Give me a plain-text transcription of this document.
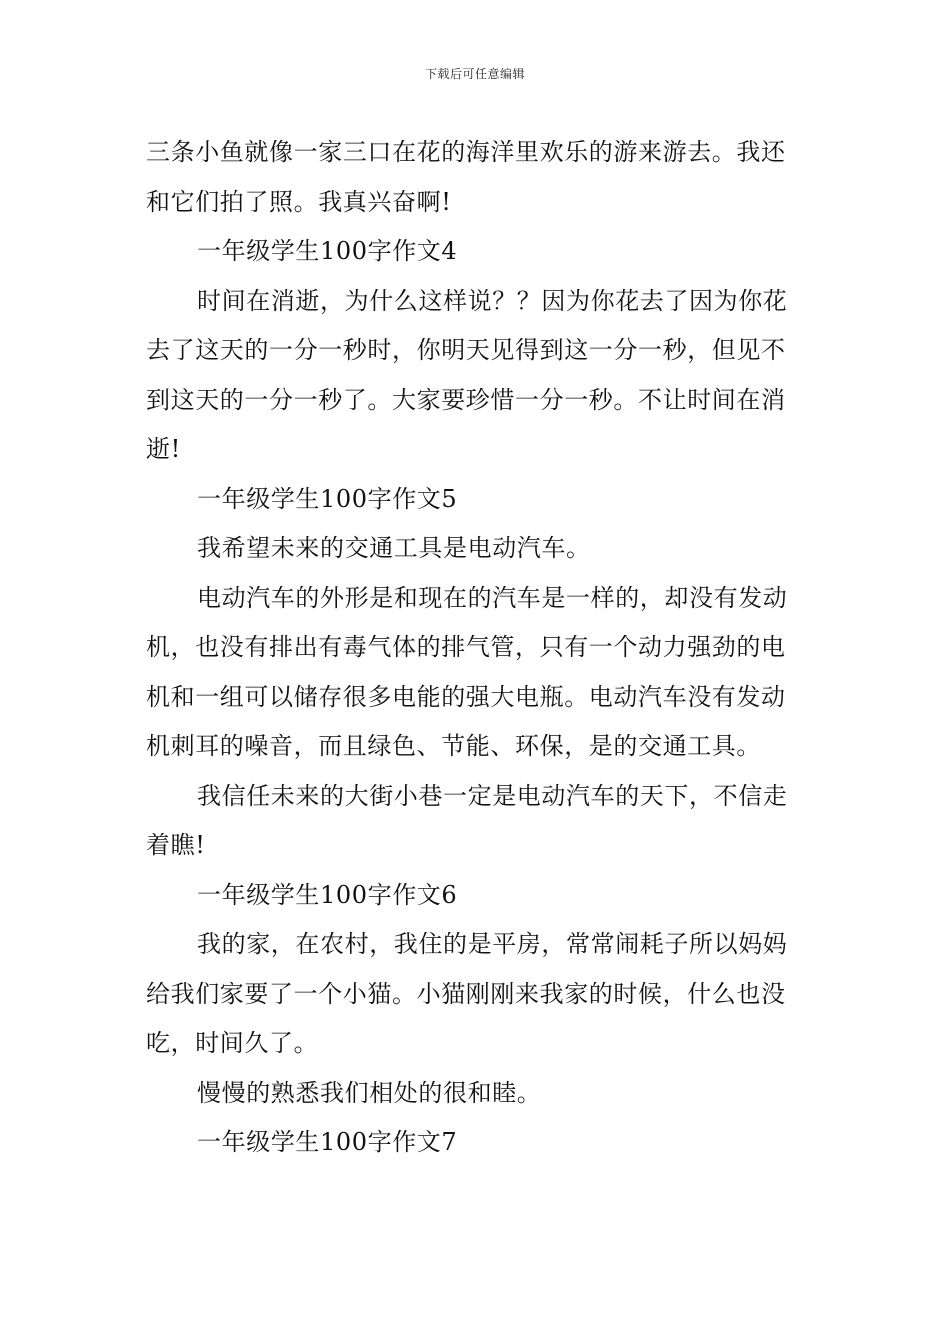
下载后可任意编辑

三条小鱼就像一家三口在花的海洋里欢乐的游来游去。我还和它们拍了照。我真兴奋啊!

一年级学生100字作文4

时间在消逝，为什么这样说？？因为你花去了因为你花去了这天的一分一秒时，你明天见得到这一分一秒，但见不到这天的一分一秒了。大家要珍惜一分一秒。不让时间在消逝!

一年级学生100字作文5

我希望未来的交通工具是电动汽车。

电动汽车的外形是和现在的汽车是一样的，却没有发动机，也没有排出有毒气体的排气管，只有一个动力强劲的电机和一组可以储存很多电能的强大电瓶。电动汽车没有发动机刺耳的噪音，而且绿色、节能、环保，是的交通工具。

我信任未来的大街小巷一定是电动汽车的天下，不信走着瞧!

一年级学生100字作文6

我的家，在农村，我住的是平房，常常闹耗子所以妈妈给我们家要了一个小猫。小猫刚刚来我家的时候，什么也没吃，时间久了。

慢慢的熟悉我们相处的很和睦。

一年级学生100字作文7
